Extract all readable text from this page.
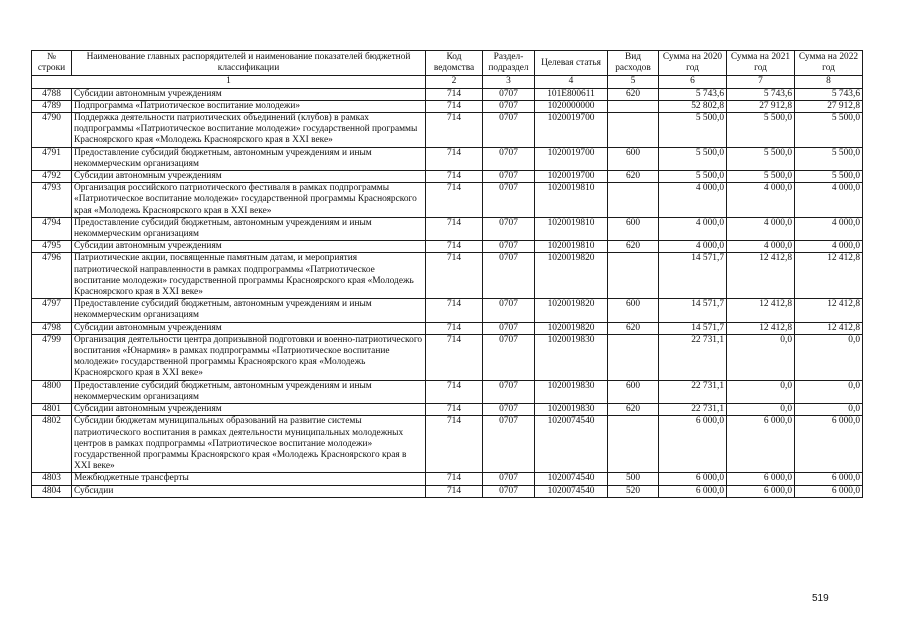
№ строки	Наименование главных распорядителей и наименование показателей бюджетной классификации	Код ведомства	Раздел-подраздел	Целевая статья	Вид расходов	Сумма на 2020 год	Сумма на 2021 год	Сумма на 2022 год
1		2	3	4	5	6	7	8
4788	Субсидии автономным учреждениям	714	0707	101Е800611	620	5 743,6	5 743,6	5 743,6
4789	Подпрограмма «Патриотическое воспитание молодежи»	714	0707	1020000000		52 802,8	27 912,8	27 912,8
4790	Поддержка деятельности патриотических объединений (клубов) в рамках подпрограммы «Патриотическое воспитание молодежи» государственной программы Красноярского края «Молодежь Красноярского края в XXI веке»	714	0707	1020019700		5 500,0	5 500,0	5 500,0
4791	Предоставление субсидий бюджетным, автономным учреждениям и иным некоммерческим организациям	714	0707	1020019700	600	5 500,0	5 500,0	5 500,0
4792	Субсидии автономным учреждениям	714	0707	1020019700	620	5 500,0	5 500,0	5 500,0
4793	Организация российского патриотического фестиваля в рамках подпрограммы «Патриотическое воспитание молодежи» государственной программы Красноярского края «Молодежь Красноярского края в XXI веке»	714	0707	1020019810		4 000,0	4 000,0	4 000,0
4794	Предоставление субсидий бюджетным, автономным учреждениям и иным некоммерческим организациям	714	0707	1020019810	600	4 000,0	4 000,0	4 000,0
4795	Субсидии автономным учреждениям	714	0707	1020019810	620	4 000,0	4 000,0	4 000,0
4796	Патриотические акции, посвященные памятным датам, и мероприятия патриотической направленности в рамках подпрограммы «Патриотическое воспитание молодежи» государственной программы Красноярского края «Молодежь Красноярского края в XXI веке»	714	0707	1020019820		14 571,7	12 412,8	12 412,8
4797	Предоставление субсидий бюджетным, автономным учреждениям и иным некоммерческим организациям	714	0707	1020019820	600	14 571,7	12 412,8	12 412,8
4798	Субсидии автономным учреждениям	714	0707	1020019820	620	14 571,7	12 412,8	12 412,8
4799	Организация деятельности центра допризывной подготовки и военно-патриотического воспитания «Юнармия» в рамках подпрограммы «Патриотическое воспитание молодежи» государственной программы Красноярского края «Молодежь Красноярского края в XXI веке»	714	0707	1020019830		22 731,1	0,0	0,0
4800	Предоставление субсидий бюджетным, автономным учреждениям и иным некоммерческим организациям	714	0707	1020019830	600	22 731,1	0,0	0,0
4801	Субсидии автономным учреждениям	714	0707	1020019830	620	22 731,1	0,0	0,0
4802	Субсидии бюджетам муниципальных образований на развитие системы патриотического воспитания в рамках деятельности муниципальных молодежных центров в рамках подпрограммы «Патриотическое воспитание молодежи» государственной программы Красноярского края «Молодежь Красноярского края в XXI веке»	714	0707	1020074540		6 000,0	6 000,0	6 000,0
4803	Межбюджетные трансферты	714	0707	1020074540	500	6 000,0	6 000,0	6 000,0
4804	Субсидии	714	0707	1020074540	520	6 000,0	6 000,0	6 000,0
519
